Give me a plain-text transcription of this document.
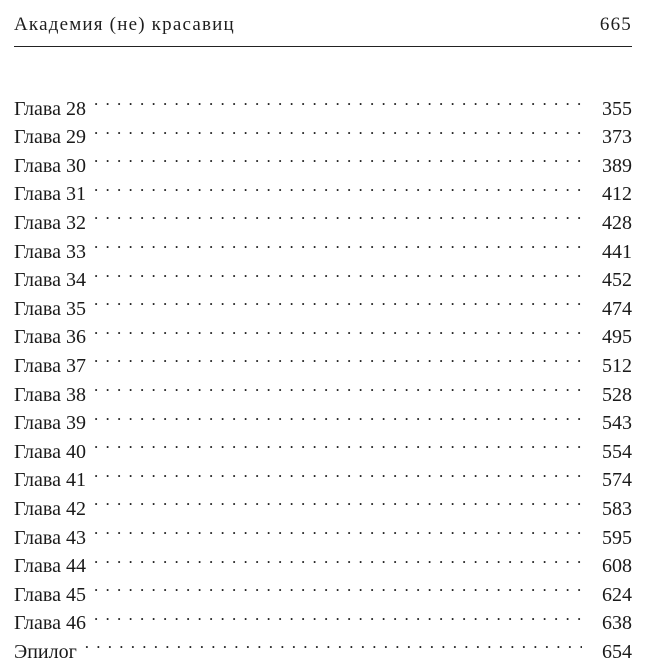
Академия (не) красавиц	665
Глава 28 . . .	355
Глава 29 . . .	373
Глава 30 . . .	389
Глава 31 . . .	412
Глава 32 . . .	428
Глава 33 . . .	441
Глава 34 . . .	452
Глава 35 . . .	474
Глава 36 . . .	495
Глава 37 . . .	512
Глава 38 . . .	528
Глава 39 . . .	543
Глава 40 . . .	554
Глава 41 . . .	574
Глава 42 . . .	583
Глава 43 . . .	595
Глава 44 . . .	608
Глава 45 . . .	624
Глава 46 . . .	638
Эпилог . . .	654
